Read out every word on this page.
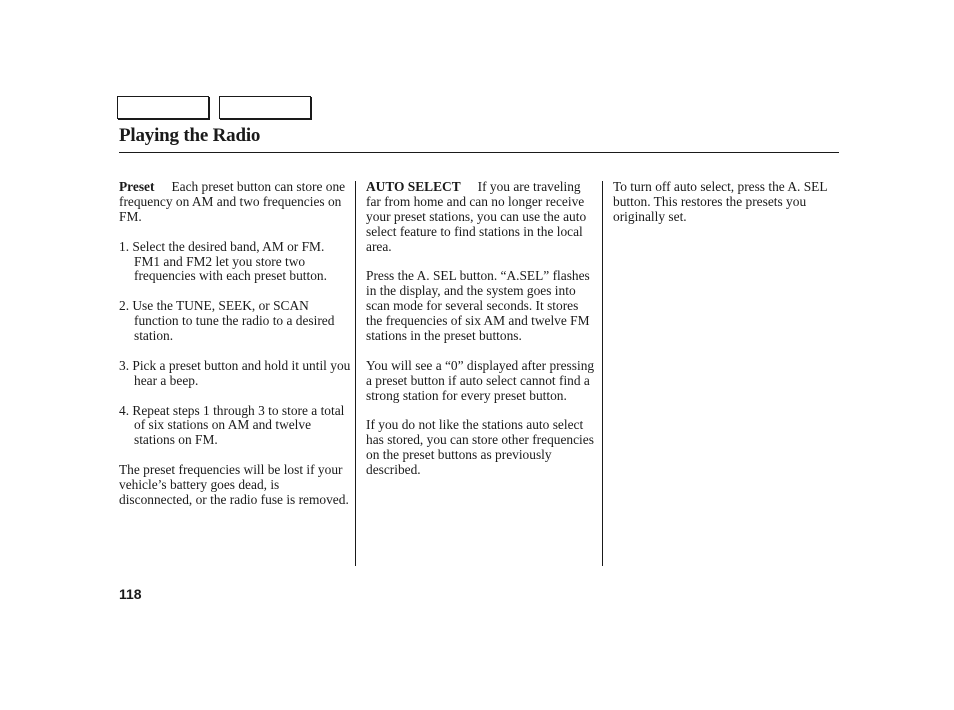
Playing the Radio

Preset Each preset button can store one frequency on AM and two frequencies on FM.

1. Select the desired band, AM or FM. FM1 and FM2 let you store two frequencies with each preset button.

2. Use the TUNE, SEEK, or SCAN function to tune the radio to a desired station.

3. Pick a preset button and hold it until you hear a beep.

4. Repeat steps 1 through 3 to store a total of six stations on AM and twelve stations on FM.

The preset frequencies will be lost if your vehicle’s battery goes dead, is disconnected, or the radio fuse is removed.

AUTO SELECT If you are traveling far from home and can no longer receive your preset stations, you can use the auto select feature to find stations in the local area.

Press the A. SEL button. “A.SEL” flashes in the display, and the system goes into scan mode for several seconds. It stores the frequencies of six AM and twelve FM stations in the preset buttons.

You will see a “0” displayed after pressing a preset button if auto select cannot find a strong station for every preset button.

If you do not like the stations auto select has stored, you can store other frequencies on the preset buttons as previously described.

To turn off auto select, press the A. SEL button. This restores the presets you originally set.

118
